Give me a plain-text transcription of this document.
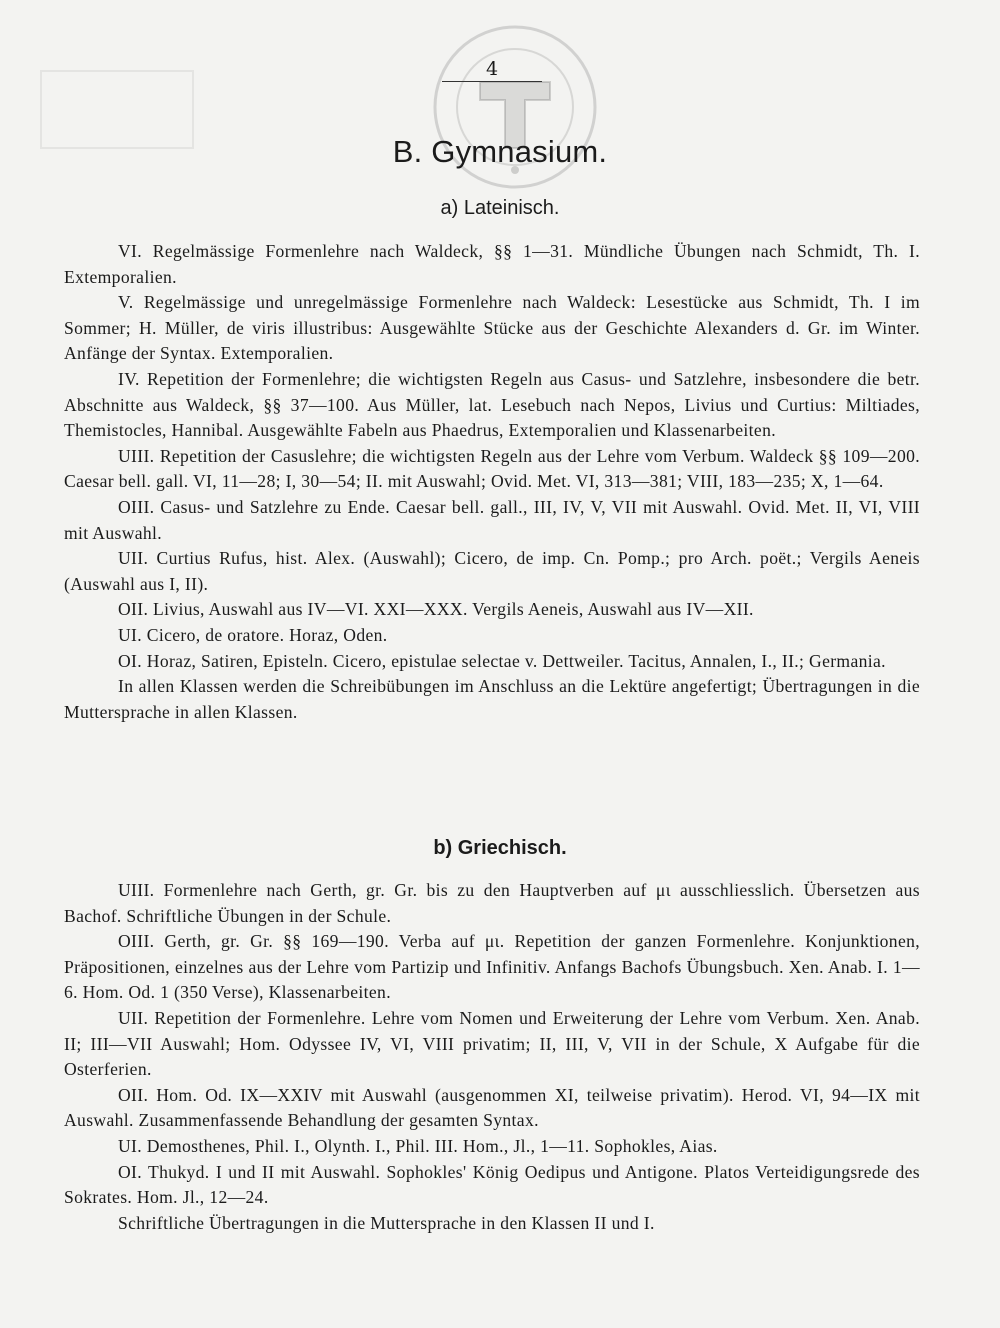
4
B. Gymnasium.
a) Lateinisch.

VI. Regelmässige Formenlehre nach Waldeck, §§ 1—31. Mündliche Übungen nach Schmidt, Th. I. Extemporalien.

V. Regelmässige und unregelmässige Formenlehre nach Waldeck: Lesestücke aus Schmidt, Th. I im Sommer; H. Müller, de viris illustribus: Ausgewählte Stücke aus der Geschichte Alexanders d. Gr. im Winter. Anfänge der Syntax. Extemporalien.

IV. Repetition der Formenlehre; die wichtigsten Regeln aus Casus- und Satzlehre, insbesondere die betr. Abschnitte aus Waldeck, §§ 37—100. Aus Müller, lat. Lesebuch nach Nepos, Livius und Curtius: Miltiades, Themistocles, Hannibal. Ausgewählte Fabeln aus Phaedrus, Extemporalien und Klassenarbeiten.

UIII. Repetition der Casuslehre; die wichtigsten Regeln aus der Lehre vom Verbum. Waldeck §§ 109—200. Caesar bell. gall. VI, 11—28; I, 30—54; II. mit Auswahl; Ovid. Met. VI, 313—381; VIII, 183—235; X, 1—64.

OIII. Casus- und Satzlehre zu Ende. Caesar bell. gall., III, IV, V, VII mit Auswahl. Ovid. Met. II, VI, VIII mit Auswahl.

UII. Curtius Rufus, hist. Alex. (Auswahl); Cicero, de imp. Cn. Pomp.; pro Arch. poët.; Vergils Aeneis (Auswahl aus I, II).

OII. Livius, Auswahl aus IV—VI. XXI—XXX. Vergils Aeneis, Auswahl aus IV—XII.

UI. Cicero, de oratore. Horaz, Oden.

OI. Horaz, Satiren, Episteln. Cicero, epistulae selectae v. Dettweiler. Tacitus, Annalen, I., II.; Germania.

In allen Klassen werden die Schreibübungen im Anschluss an die Lektüre angefertigt; Übertragungen in die Muttersprache in allen Klassen.

b) Griechisch.

UIII. Formenlehre nach Gerth, gr. Gr. bis zu den Hauptverben auf μι ausschliesslich. Übersetzen aus Bachof. Schriftliche Übungen in der Schule.

OIII. Gerth, gr. Gr. §§ 169—190. Verba auf μι. Repetition der ganzen Formenlehre. Konjunktionen, Präpositionen, einzelnes aus der Lehre vom Partizip und Infinitiv. Anfangs Bachofs Übungsbuch. Xen. Anab. I. 1—6. Hom. Od. 1 (350 Verse), Klassenarbeiten.

UII. Repetition der Formenlehre. Lehre vom Nomen und Erweiterung der Lehre vom Verbum. Xen. Anab. II; III—VII Auswahl; Hom. Odyssee IV, VI, VIII privatim; II, III, V, VII in der Schule, X Aufgabe für die Osterferien.

OII. Hom. Od. IX—XXIV mit Auswahl (ausgenommen XI, teilweise privatim). Herod. VI, 94—IX mit Auswahl. Zusammenfassende Behandlung der gesamten Syntax.

UI. Demosthenes, Phil. I., Olynth. I., Phil. III. Hom., Jl., 1—11. Sophokles, Aias.

OI. Thukyd. I und II mit Auswahl. Sophokles' König Oedipus und Antigone. Platos Verteidigungsrede des Sokrates. Hom. Jl., 12—24.

Schriftliche Übertragungen in die Muttersprache in den Klassen II und I.
